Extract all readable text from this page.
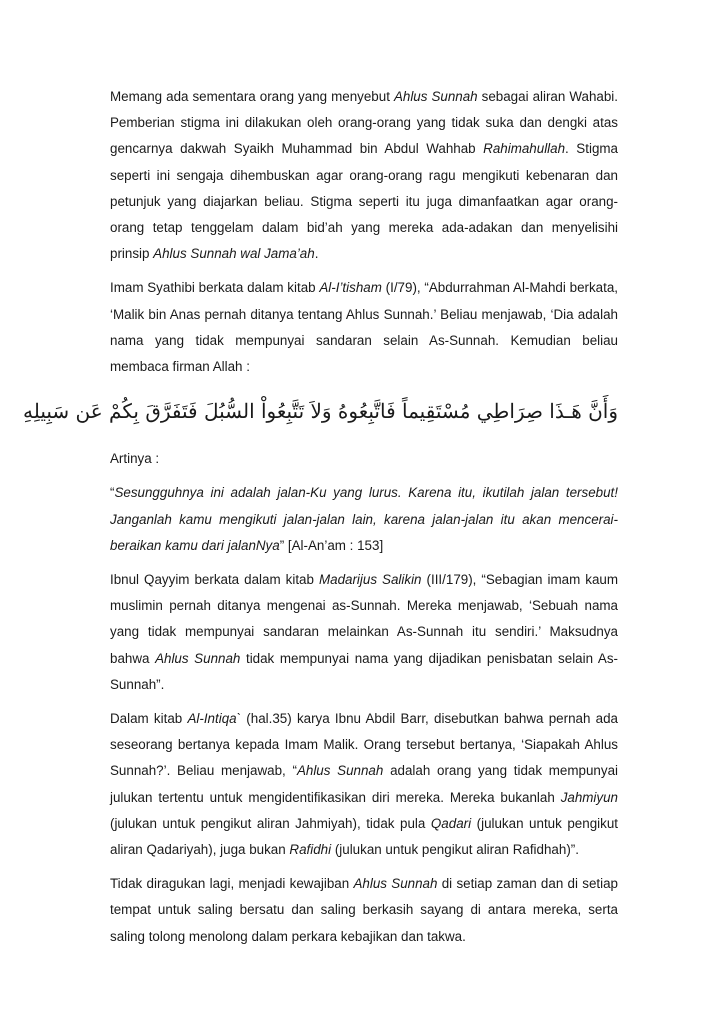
Memang ada sementara orang yang menyebut Ahlus Sunnah sebagai aliran Wahabi. Pemberian stigma ini dilakukan oleh orang-orang yang tidak suka dan dengki atas gencarnya dakwah Syaikh Muhammad bin Abdul Wahhab Rahimahullah. Stigma seperti ini sengaja dihembuskan agar orang-orang ragu mengikuti kebenaran dan petunjuk yang diajarkan beliau. Stigma seperti itu juga dimanfaatkan agar orang-orang tetap tenggelam dalam bid’ah yang mereka ada-adakan dan menyelisihi prinsip Ahlus Sunnah wal Jama’ah.

Imam Syathibi berkata dalam kitab Al-I’tisham (I/79), “Abdurrahman Al-Mahdi berkata, ‘Malik bin Anas pernah ditanya tentang Ahlus Sunnah.’ Beliau menjawab, ‘Dia adalah nama yang tidak mempunyai sandaran selain As-Sunnah. Kemudian beliau membaca firman Allah :

وَأَنَّ هَـذَا صِرَاطِي مُسْتَقِيماً فَاتَّبِعُوهُ وَلاَ تَتَّبِعُواْ السُّبُلَ فَتَفَرَّقَ بِكُمْ عَن سَبِيلِهِ

Artinya :

“Sesungguhnya ini adalah jalan-Ku yang lurus. Karena itu, ikutilah jalan tersebut! Janganlah kamu mengikuti jalan-jalan lain, karena jalan-jalan itu akan mencerai-beraikan kamu dari jalanNya” [Al-An’am : 153]

Ibnul Qayyim berkata dalam kitab Madarijus Salikin (III/179), “Sebagian imam kaum muslimin pernah ditanya mengenai as-Sunnah. Mereka menjawab, ‘Sebuah nama yang tidak mempunyai sandaran melainkan As-Sunnah itu sendiri.’ Maksudnya bahwa Ahlus Sunnah tidak mempunyai nama yang dijadikan penisbatan selain As-Sunnah”.

Dalam kitab Al-Intiqa` (hal.35) karya Ibnu Abdil Barr, disebutkan bahwa pernah ada seseorang bertanya kepada Imam Malik. Orang tersebut bertanya, ‘Siapakah Ahlus Sunnah?’. Beliau menjawab, “Ahlus Sunnah adalah orang yang tidak mempunyai julukan tertentu untuk mengidentifikasikan diri mereka. Mereka bukanlah Jahmiyun (julukan untuk pengikut aliran Jahmiyah), tidak pula Qadari (julukan untuk pengikut aliran Qadariyah), juga bukan Rafidhi (julukan untuk pengikut aliran Rafidhah)”.

Tidak diragukan lagi, menjadi kewajiban Ahlus Sunnah di setiap zaman dan di setiap tempat untuk saling bersatu dan saling berkasih sayang di antara mereka, serta saling tolong menolong dalam perkara kebajikan dan takwa.
